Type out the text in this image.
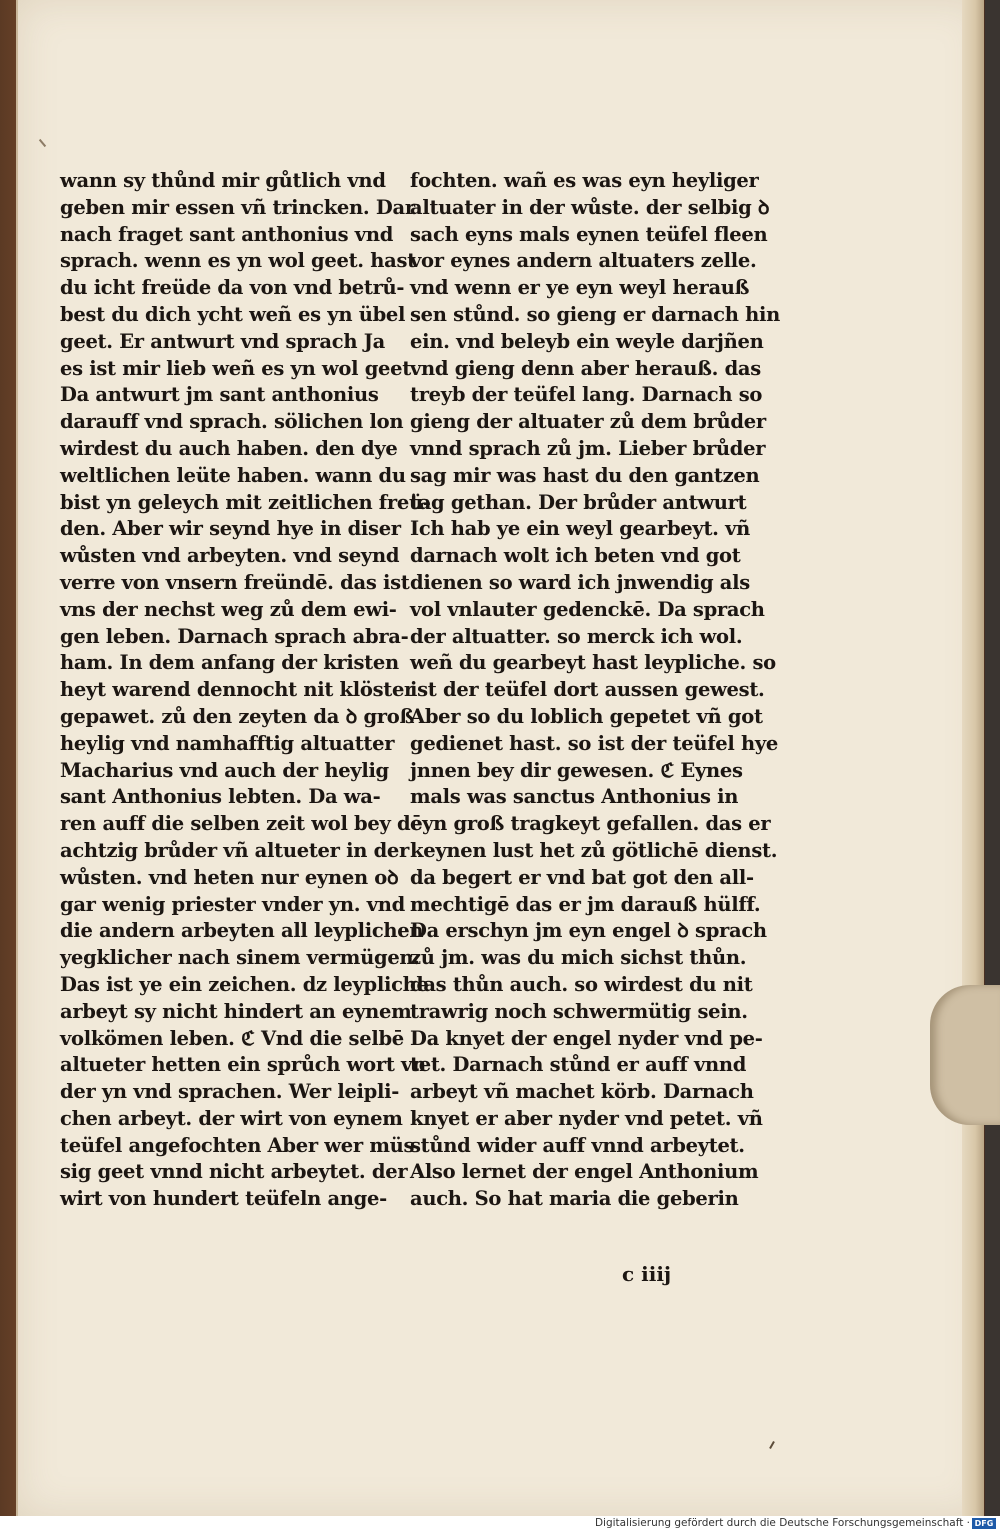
wann sy thůnd mir gůtlich vnd
geben mir essen vñ trincken. Dar
nach fraget sant anthonius vnd
sprach. wenn es yn wol geet. hast
du icht freüde da von vnd betrů-
best du dich ycht weñ es yn übel
geet. Er antwurt vnd sprach Ja
es ist mir lieb weñ es yn wol geet
Da antwurt jm sant anthonius
darauff vnd sprach. sölichen lon
wirdest du auch haben. den dye
weltlichen leüte haben. wann du
bist yn geleych mit zeitlichen freü-
den. Aber wir seynd hye in diser
wůsten vnd arbeyten. vnd seynd
verre von vnsern freündē. das ist
vns der nechst weg zů dem ewi-
gen leben. Darnach sprach abra-
ham. In dem anfang der kristen
heyt warend dennocht nit klöster
gepawet. zů den zeyten da ꝺ groß
heylig vnd namhafftig altuatter
Macharius vnd auch der heylig
sant Anthonius lebten. Da wa-
ren auff die selben zeit wol bey dē
achtzig brůder vñ altueter in der
wůsten. vnd heten nur eynen oꝺ
gar wenig priester vnder yn. vnd
die andern arbeyten all leyplichen
yegklicher nach sinem vermügen.
Das ist ye ein zeichen. dz leypliche
arbeyt sy nicht hindert an eynem
volkömen leben. ℭ Vnd die selbē
altueter hetten ein sprůch wort vn
der yn vnd sprachen. Wer leipli-
chen arbeyt. der wirt von eynem
teüfel angefochten Aber wer müs
sig geet vnnd nicht arbeytet. der
wirt von hundert teüfeln ange-
fochten. wañ es was eyn heyliger
altuater in der wůste. der selbig ꝺ
sach eyns mals eynen teüfel fleen
vor eynes andern altuaters zelle.
vnd wenn er ye eyn weyl herauß
sen stůnd. so gieng er darnach hin
ein. vnd beleyb ein weyle darjñen
vnd gieng denn aber herauß. das
treyb der teüfel lang. Darnach so
gieng der altuater zů dem brůder
vnnd sprach zů jm. Lieber brůder
sag mir was hast du den gantzen
tag gethan. Der brůder antwurt
Ich hab ye ein weyl gearbeyt. vñ
darnach wolt ich beten vnd got
dienen so ward ich jnwendig als
vol vnlauter gedenckē. Da sprach
der altuatter. so merck ich wol.
weñ du gearbeyt hast leypliche. so
ist der teüfel dort aussen gewest.
Aber so du loblich gepetet vñ got
gedienet hast. so ist der teüfel hye
jnnen bey dir gewesen. ℭ Eynes
mals was sanctus Anthonius in
eyn groß tragkeyt gefallen. das er
keynen lust het zů götlichē dienst.
da begert er vnd bat got den all-
mechtigē das er jm darauß hülff.
Da erschyn jm eyn engel ꝺ sprach
zů jm. was du mich sichst thůn.
das thůn auch. so wirdest du nit
trawrig noch schwermütig sein.
Da knyet der engel nyder vnd pe-
tet. Darnach stůnd er auff vnnd
arbeyt vñ machet körb. Darnach
knyet er aber nyder vnd petet. vñ
stůnd wider auff vnnd arbeytet.
Also lernet der engel Anthonium
auch. So hat maria die geberin
c iiij
Digitalisierung gefördert durch die Deutsche Forschungsgemeinschaft · DFG
